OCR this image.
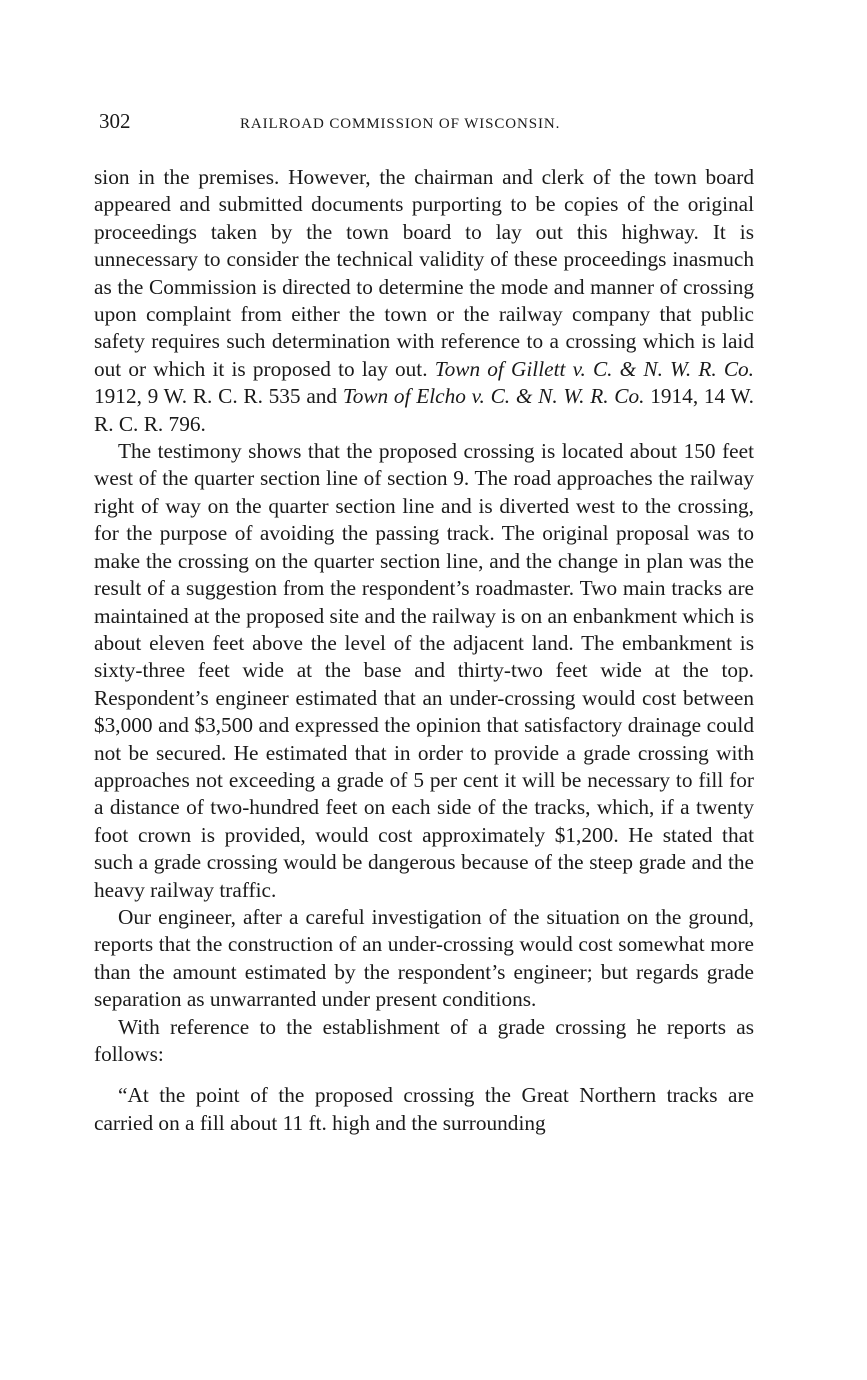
302	RAILROAD COMMISSION OF WISCONSIN.

sion in the premises. However, the chairman and clerk of the town board appeared and submitted documents purporting to be copies of the original proceedings taken by the town board to lay out this highway. It is unnecessary to consider the technical validity of these proceedings inasmuch as the Commission is directed to determine the mode and manner of crossing upon complaint from either the town or the railway company that public safety requires such determination with reference to a crossing which is laid out or which it is proposed to lay out. Town of Gillett v. C. & N. W. R. Co. 1912, 9 W. R. C. R. 535 and Town of Elcho v. C. & N. W. R. Co. 1914, 14 W. R. C. R. 796.

The testimony shows that the proposed crossing is located about 150 feet west of the quarter section line of section 9. The road approaches the railway right of way on the quarter section line and is diverted west to the crossing, for the purpose of avoiding the passing track. The original proposal was to make the crossing on the quarter section line, and the change in plan was the result of a suggestion from the respondent’s roadmaster. Two main tracks are maintained at the proposed site and the railway is on an enbankment which is about eleven feet above the level of the adjacent land. The embankment is sixty-three feet wide at the base and thirty-two feet wide at the top. Respondent’s engineer estimated that an under-crossing would cost between $3,000 and $3,500 and expressed the opinion that satisfactory drainage could not be secured. He estimated that in order to provide a grade crossing with approaches not exceeding a grade of 5 per cent it will be necessary to fill for a distance of two-hundred feet on each side of the tracks, which, if a twenty foot crown is provided, would cost approximately $1,200. He stated that such a grade crossing would be dangerous because of the steep grade and the heavy railway traffic.

Our engineer, after a careful investigation of the situation on the ground, reports that the construction of an under-crossing would cost somewhat more than the amount estimated by the respondent’s engineer; but regards grade separation as unwarranted under present conditions.

With reference to the establishment of a grade crossing he reports as follows:

“At the point of the proposed crossing the Great Northern tracks are carried on a fill about 11 ft. high and the surrounding
